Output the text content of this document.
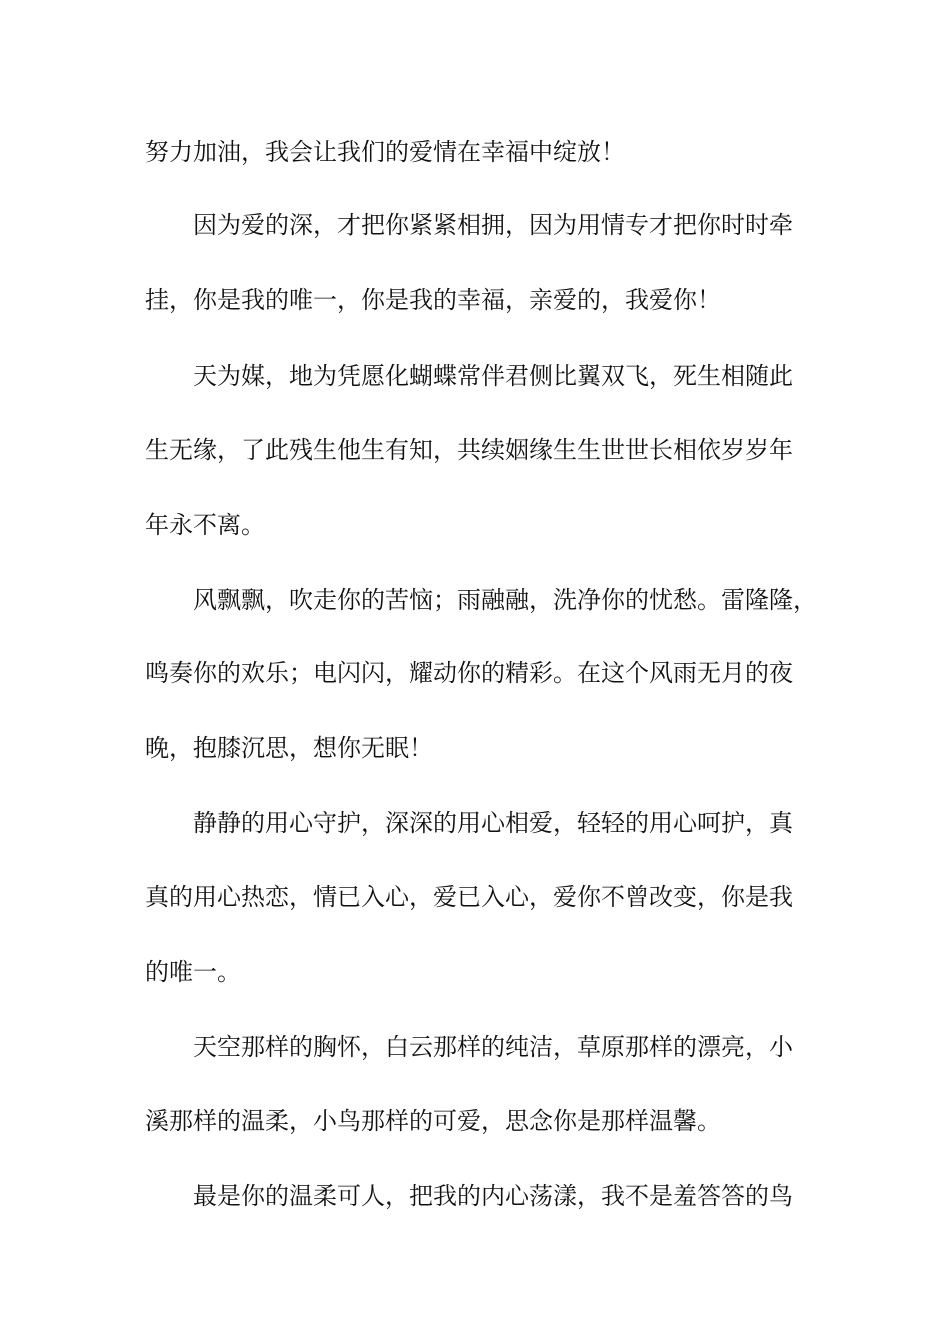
努力加油，我会让我们的爱情在幸福中绽放！
因为爱的深，才把你紧紧相拥，因为用情专才把你时时牵
挂，你是我的唯一，你是我的幸福，亲爱的，我爱你！
天为媒，地为凭愿化蝴蝶常伴君侧比翼双飞，死生相随此
生无缘，了此残生他生有知，共续姻缘生生世世长相依岁岁年
年永不离。
风飘飘，吹走你的苦恼；雨融融，洗净你的忧愁。雷隆隆，
鸣奏你的欢乐；电闪闪，耀动你的精彩。在这个风雨无月的夜
晚，抱膝沉思，想你无眠！
静静的用心守护，深深的用心相爱，轻轻的用心呵护，真
真的用心热恋，情已入心，爱已入心，爱你不曾改变，你是我
的唯一。
天空那样的胸怀，白云那样的纯洁，草原那样的漂亮，小
溪那样的温柔，小鸟那样的可爱，思念你是那样温馨。
最是你的温柔可人，把我的内心荡漾，我不是羞答答的鸟
